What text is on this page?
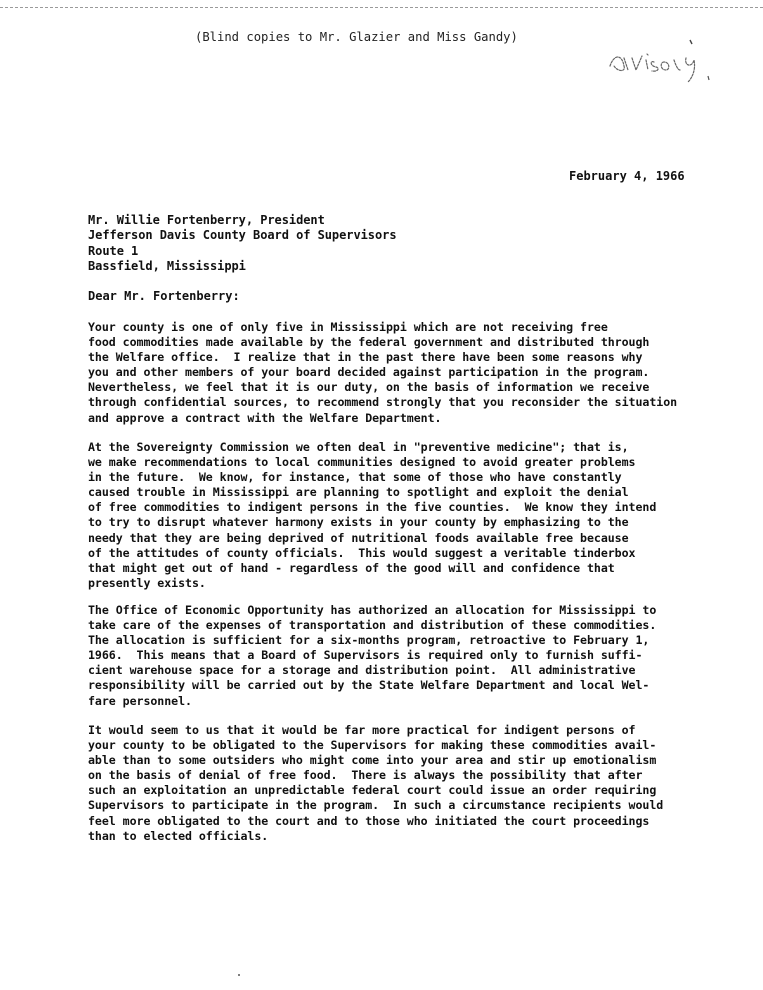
(Blind copies to Mr. Glazier and Miss Gandy)
February 4, 1966
Mr. Willie Fortenberry, President
Jefferson Davis County Board of Supervisors
Route 1
Bassfield, Mississippi
Dear Mr. Fortenberry:
Your county is one of only five in Mississippi which are not receiving free
food commodities made available by the federal government and distributed through
the Welfare office.  I realize that in the past there have been some reasons why
you and other members of your board decided against participation in the program.
Nevertheless, we feel that it is our duty, on the basis of information we receive
through confidential sources, to recommend strongly that you reconsider the situation
and approve a contract with the Welfare Department.
At the Sovereignty Commission we often deal in "preventive medicine"; that is,
we make recommendations to local communities designed to avoid greater problems
in the future.  We know, for instance, that some of those who have constantly
caused trouble in Mississippi are planning to spotlight and exploit the denial
of free commodities to indigent persons in the five counties.  We know they intend
to try to disrupt whatever harmony exists in your county by emphasizing to the
needy that they are being deprived of nutritional foods available free because
of the attitudes of county officials.  This would suggest a veritable tinderbox
that might get out of hand - regardless of the good will and confidence that
presently exists.
The Office of Economic Opportunity has authorized an allocation for Mississippi to
take care of the expenses of transportation and distribution of these commodities.
The allocation is sufficient for a six-months program, retroactive to February 1,
1966.  This means that a Board of Supervisors is required only to furnish suffi-
cient warehouse space for a storage and distribution point.  All administrative
responsibility will be carried out by the State Welfare Department and local Wel-
fare personnel.
It would seem to us that it would be far more practical for indigent persons of
your county to be obligated to the Supervisors for making these commodities avail-
able than to some outsiders who might come into your area and stir up emotionalism
on the basis of denial of free food.  There is always the possibility that after
such an exploitation an unpredictable federal court could issue an order requiring
Supervisors to participate in the program.  In such a circumstance recipients would
feel more obligated to the court and to those who initiated the court proceedings
than to elected officials.
